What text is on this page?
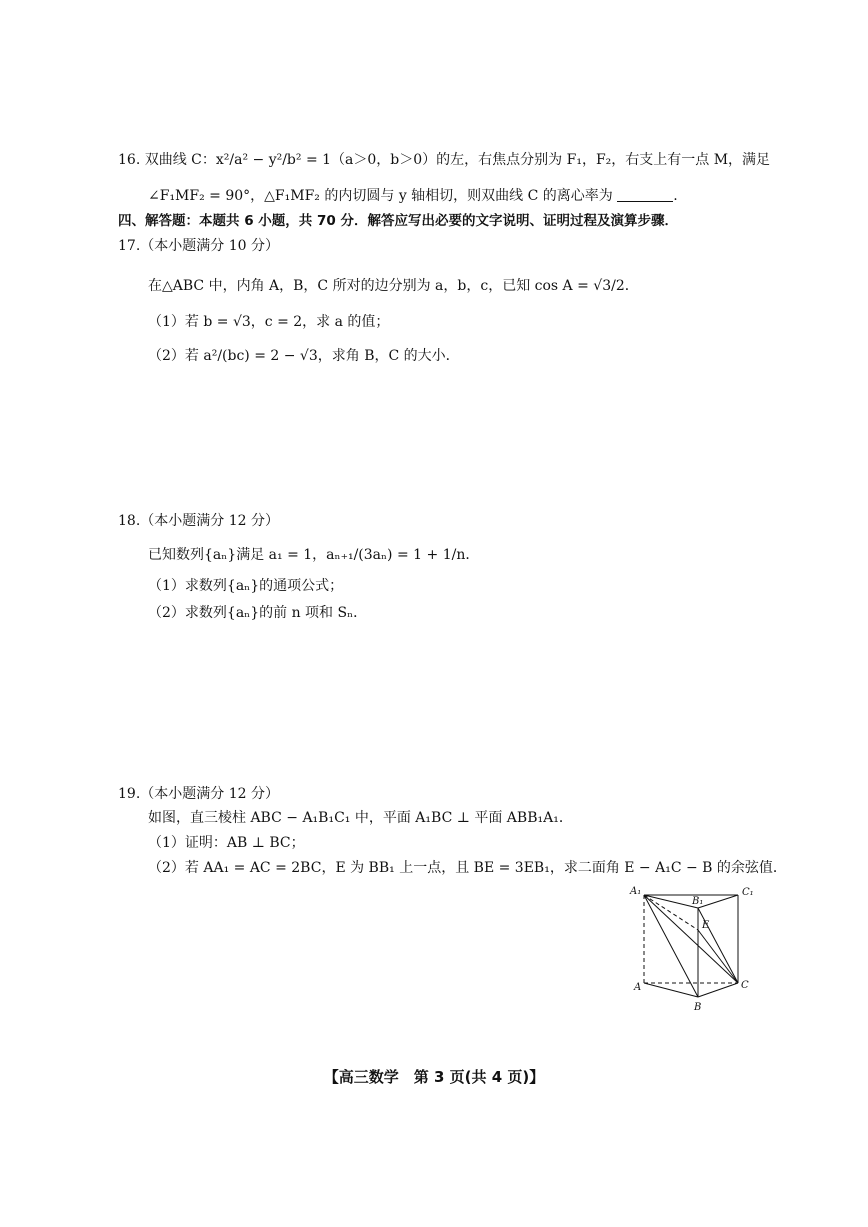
16. 双曲线 C：x²/a² − y²/b² = 1（a＞0，b＞0）的左，右焦点分别为 F₁，F₂，右支上有一点 M，满足
∠F₁MF₂ = 90°，△F₁MF₂ 的内切圆与 y 轴相切，则双曲线 C 的离心率为	.
四、解答题：本题共 6 小题，共 70 分．解答应写出必要的文字说明、证明过程及演算步骤．
17.（本小题满分 10 分）
在△ABC 中，内角 A，B，C 所对的边分别为 a，b，c，已知 cos A = √3/2．
（1）若 b = √3，c = 2，求 a 的值；
（2）若 a²/(bc) = 2 − √3，求角 B，C 的大小．
18.（本小题满分 12 分）
已知数列{aₙ}满足 a₁ = 1，aₙ₊₁/(3aₙ) = 1 + 1/n．
（1）求数列{aₙ}的通项公式；
（2）求数列{aₙ}的前 n 项和 Sₙ．
19.（本小题满分 12 分）
如图，直三棱柱 ABC − A₁B₁C₁ 中，平面 A₁BC ⊥ 平面 ABB₁A₁．
（1）证明：AB ⊥ BC；
（2）若 AA₁ = AC = 2BC，E 为 BB₁ 上一点，且 BE = 3EB₁，求二面角 E − A₁C − B 的余弦值．
A₁
B₁
C₁
E
A
B
C
【高三数学　第 3 页(共 4 页)】
